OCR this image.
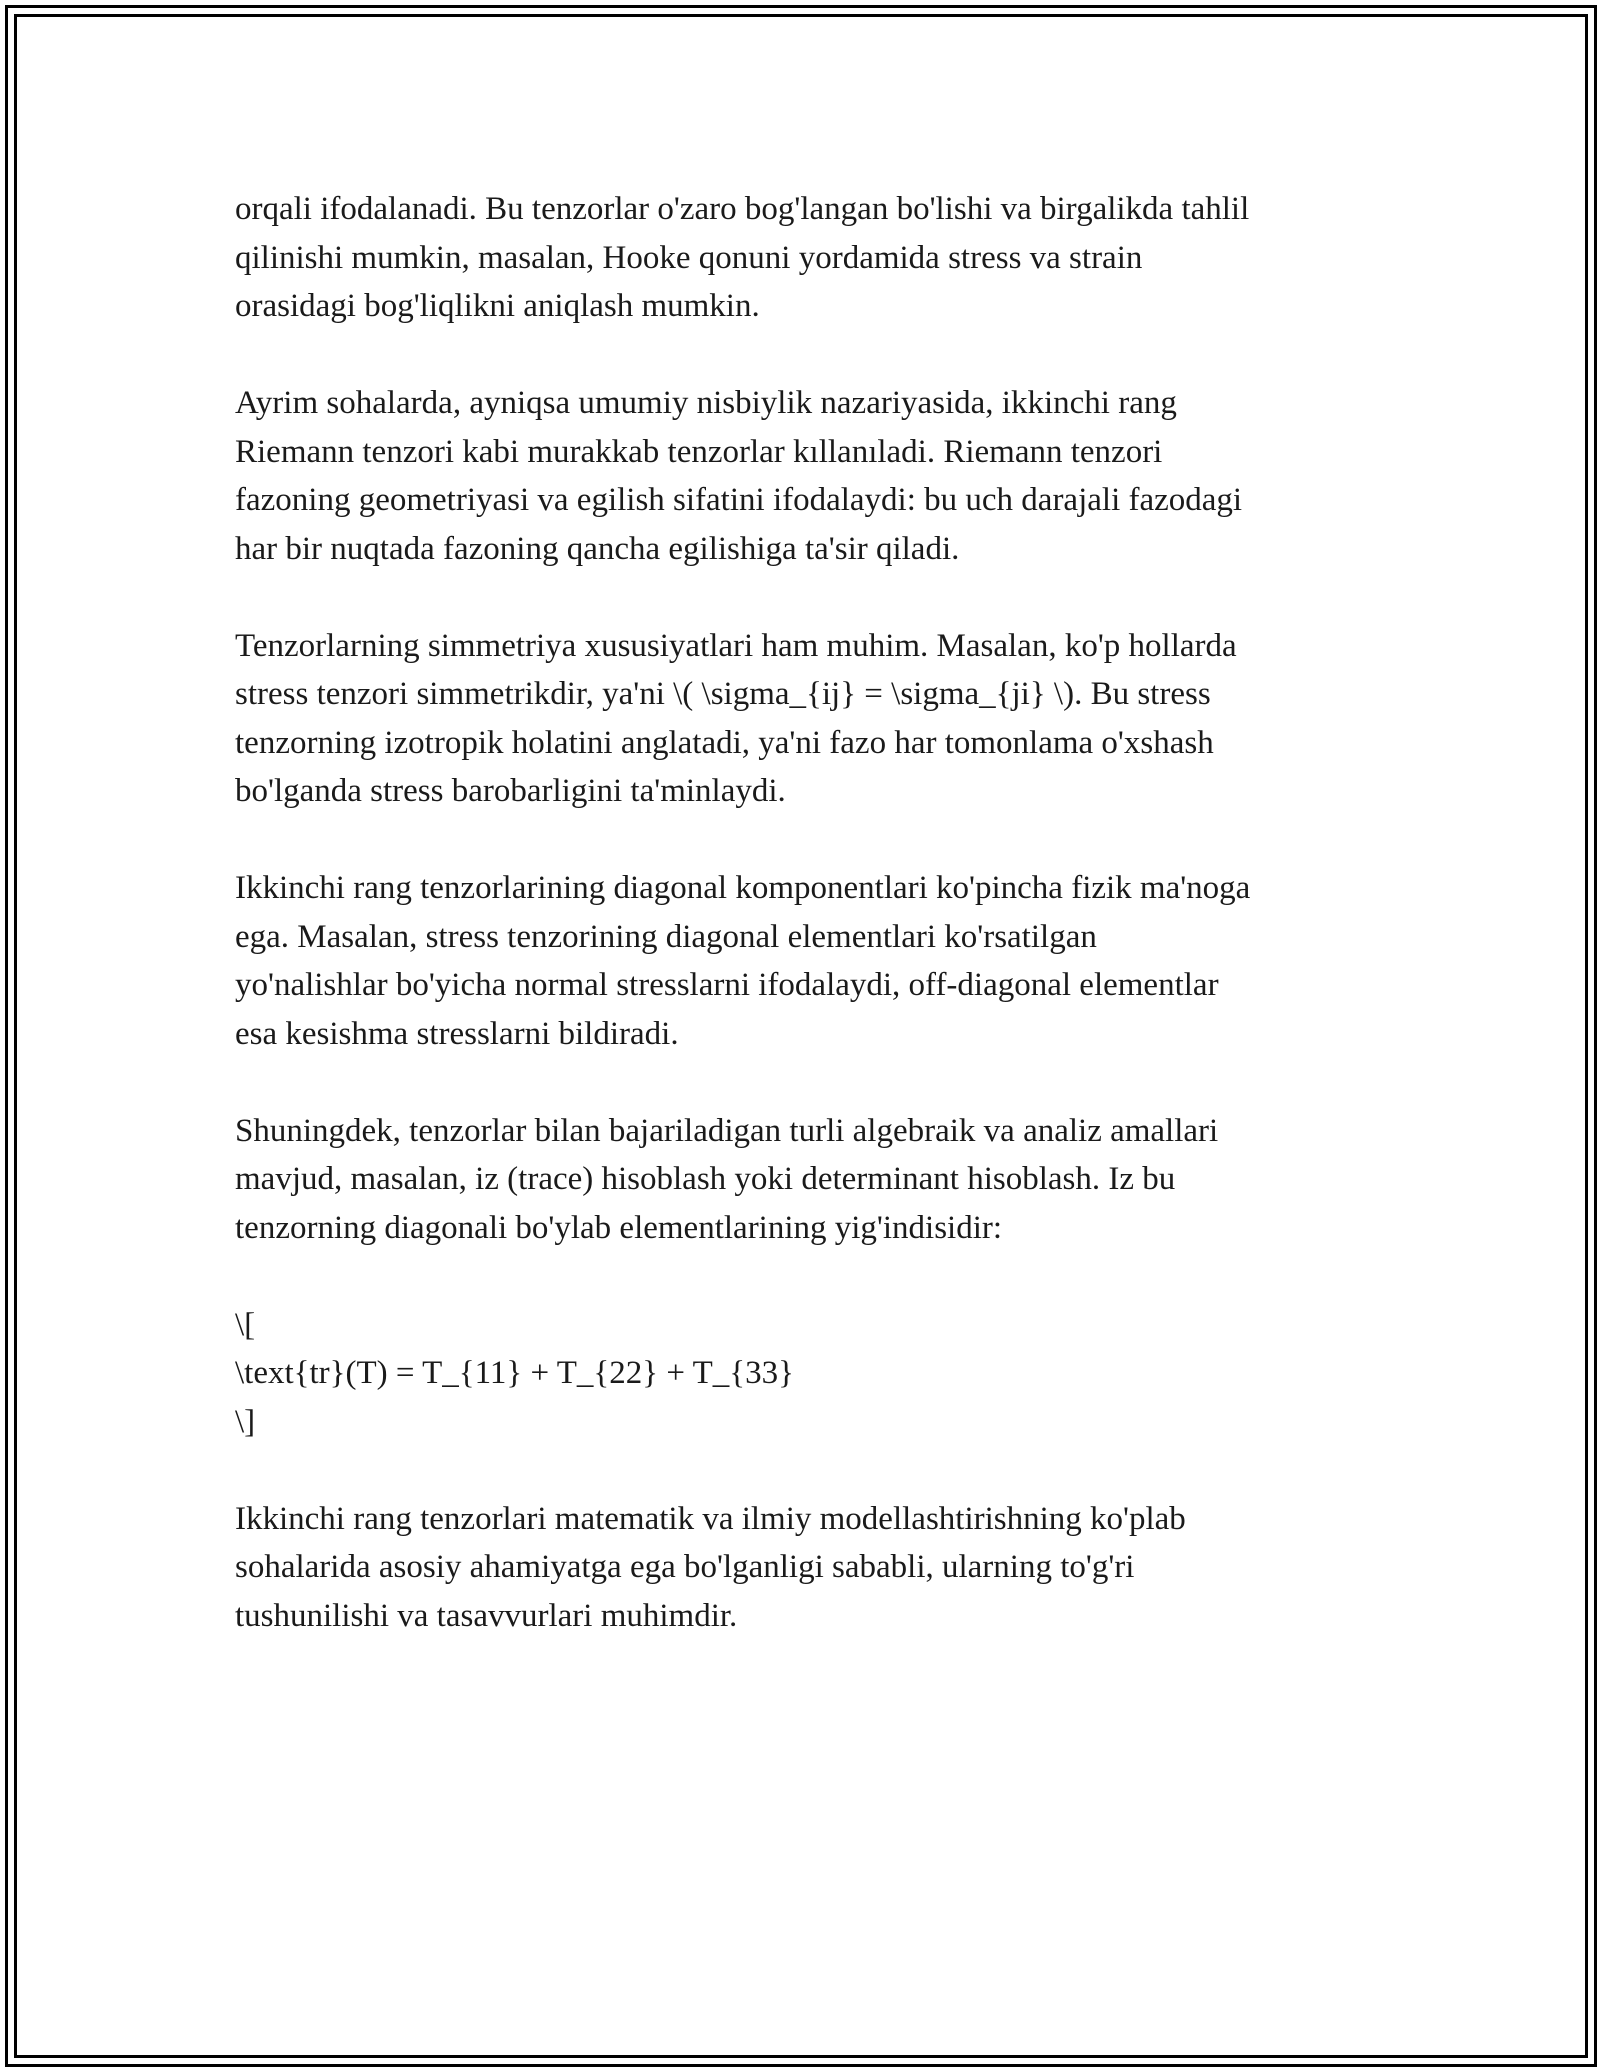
orqali ifodalanadi. Bu tenzorlar o'zaro bog'langan bo'lishi va birgalikda tahlil
qilinishi mumkin, masalan, Hooke qonuni yordamida stress va strain
orasidagi bog'liqlikni aniqlash mumkin.

Ayrim sohalarda, ayniqsa umumiy nisbiylik nazariyasida, ikkinchi rang
Riemann tenzori kabi murakkab tenzorlar kıllanıladi. Riemann tenzori
fazoning geometriyasi va egilish sifatini ifodalaydi: bu uch darajali fazodagi
har bir nuqtada fazoning qancha egilishiga ta'sir qiladi.

Tenzorlarning simmetriya xususiyatlari ham muhim. Masalan, ko'p hollarda
stress tenzori simmetrikdir, ya'ni \( \sigma_{ij} = \sigma_{ji} \). Bu stress
tenzorning izotropik holatini anglatadi, ya'ni fazo har tomonlama o'xshash
bo'lganda stress barobarligini ta'minlaydi.

Ikkinchi rang tenzorlarining diagonal komponentlari ko'pincha fizik ma'noga
ega. Masalan, stress tenzorining diagonal elementlari ko'rsatilgan
yo'nalishlar bo'yicha normal stresslarni ifodalaydi, off-diagonal elementlar
esa kesishma stresslarni bildiradi.

Shuningdek, tenzorlar bilan bajariladigan turli algebraik va analiz amallari
mavjud, masalan, iz (trace) hisoblash yoki determinant hisoblash. Iz bu
tenzorning diagonali bo'ylab elementlarining yig'indisidir:

\[
\text{tr}(T) = T_{11} + T_{22} + T_{33}
\]

Ikkinchi rang tenzorlari matematik va ilmiy modellashtirishning ko'plab
sohalarida asosiy ahamiyatga ega bo'lganligi sababli, ularning to'g'ri
tushunilishi va tasavvurlari muhimdir.
